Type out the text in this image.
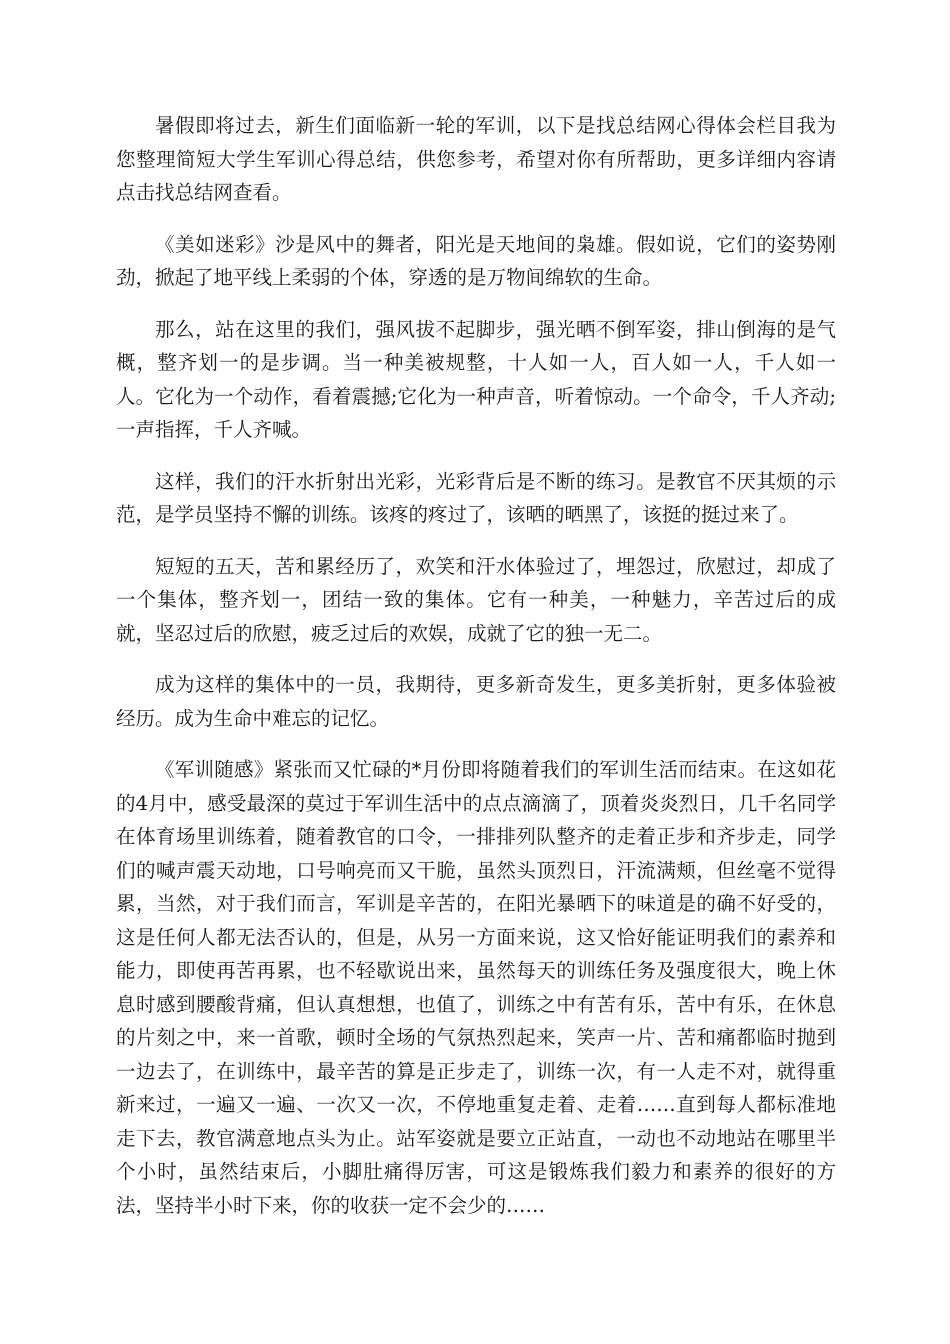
暑假即将过去，新生们面临新一轮的军训，以下是找总结网心得体会栏目我为您整理简短大学生军训心得总结，供您参考，希望对你有所帮助，更多详细内容请点击找总结网查看。

《美如迷彩》沙是风中的舞者，阳光是天地间的枭雄。假如说，它们的姿势刚劲，掀起了地平线上柔弱的个体，穿透的是万物间绵软的生命。

那么，站在这里的我们，强风拔不起脚步，强光晒不倒军姿，排山倒海的是气概，整齐划一的是步调。当一种美被规整，十人如一人，百人如一人，千人如一人。它化为一个动作，看着震撼;它化为一种声音，听着惊动。一个命令，千人齐动;一声指挥，千人齐喊。

这样，我们的汗水折射出光彩，光彩背后是不断的练习。是教官不厌其烦的示范，是学员坚持不懈的训练。该疼的疼过了，该晒的晒黑了，该挺的挺过来了。

短短的五天，苦和累经历了，欢笑和汗水体验过了，埋怨过，欣慰过，却成了一个集体，整齐划一，团结一致的集体。它有一种美，一种魅力，辛苦过后的成就，坚忍过后的欣慰，疲乏过后的欢娱，成就了它的独一无二。

成为这样的集体中的一员，我期待，更多新奇发生，更多美折射，更多体验被经历。成为生命中难忘的记忆。

《军训随感》紧张而又忙碌的*月份即将随着我们的军训生活而结束。在这如花的4月中，感受最深的莫过于军训生活中的点点滴滴了，顶着炎炎烈日，几千名同学在体育场里训练着，随着教官的口令，一排排列队整齐的走着正步和齐步走，同学们的喊声震天动地，口号响亮而又干脆，虽然头顶烈日，汗流满颊，但丝毫不觉得累，当然，对于我们而言，军训是辛苦的，在阳光暴晒下的味道是的确不好受的，这是任何人都无法否认的，但是，从另一方面来说，这又恰好能证明我们的素养和能力，即使再苦再累，也不轻歇说出来，虽然每天的训练任务及强度很大，晚上休息时感到腰酸背痛，但认真想想，也值了，训练之中有苦有乐，苦中有乐，在休息的片刻之中，来一首歌，顿时全场的气氛热烈起来，笑声一片、苦和痛都临时抛到一边去了，在训练中，最辛苦的算是正步走了，训练一次，有一人走不对，就得重新来过，一遍又一遍、一次又一次，不停地重复走着、走着……直到每人都标准地走下去，教官满意地点头为止。站军姿就是要立正站直，一动也不动地站在哪里半个小时，虽然结束后，小脚肚痛得厉害，可这是锻炼我们毅力和素养的很好的方法，坚持半小时下来，你的收获一定不会少的……
